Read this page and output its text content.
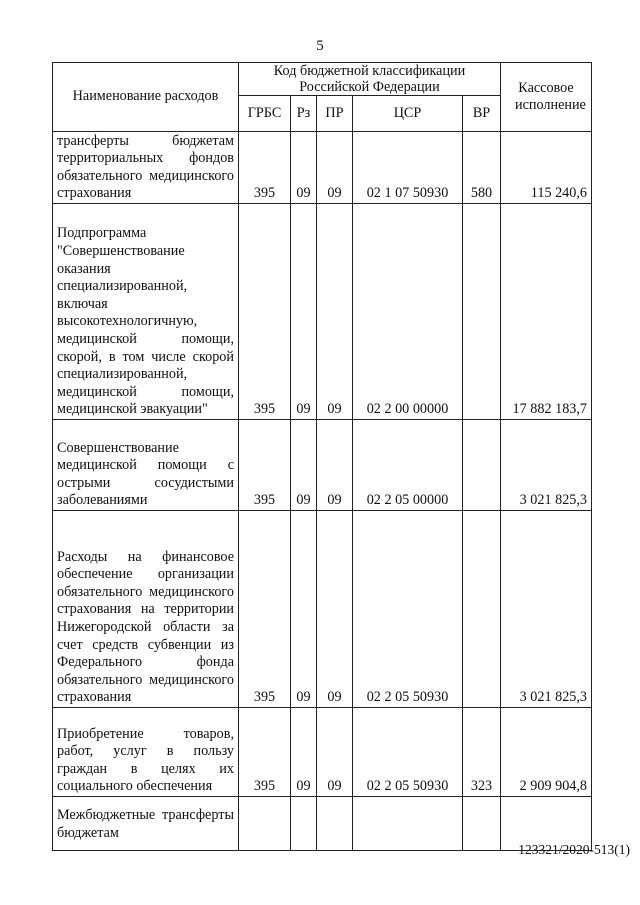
5
Наименование расходов	Код бюджетной классификации Российской Федерации					Кассовое исполнение
	ГРБС	Рз	ПР	ЦСР	ВР	
трансферты бюджетам территориальных фондов обязательного медицинского страхования	395	09	09	02 1 07 50930	580	115 240,6
Подпрограмма "Совершенствование оказания специализированной, включая высокотехнологичную, медицинской помощи, скорой, в том числе скорой специализированной, медицинской помощи, медицинской эвакуации"	395	09	09	02 2 00 00000		17 882 183,7
Совершенствование медицинской помощи с острыми сосудистыми заболеваниями	395	09	09	02 2 05 00000		3 021 825,3
Расходы на финансовое обеспечение организации обязательного медицинского страхования на территории Нижегородской области за счет средств субвенции из Федерального фонда обязательного медицинского страхования	395	09	09	02 2 05 50930		3 021 825,3
Приобретение товаров, работ, услуг в пользу граждан в целях их социального обеспечения	395	09	09	02 2 05 50930	323	2 909 904,8
Межбюджетные трансферты бюджетам						
123321/2020-513(1)
